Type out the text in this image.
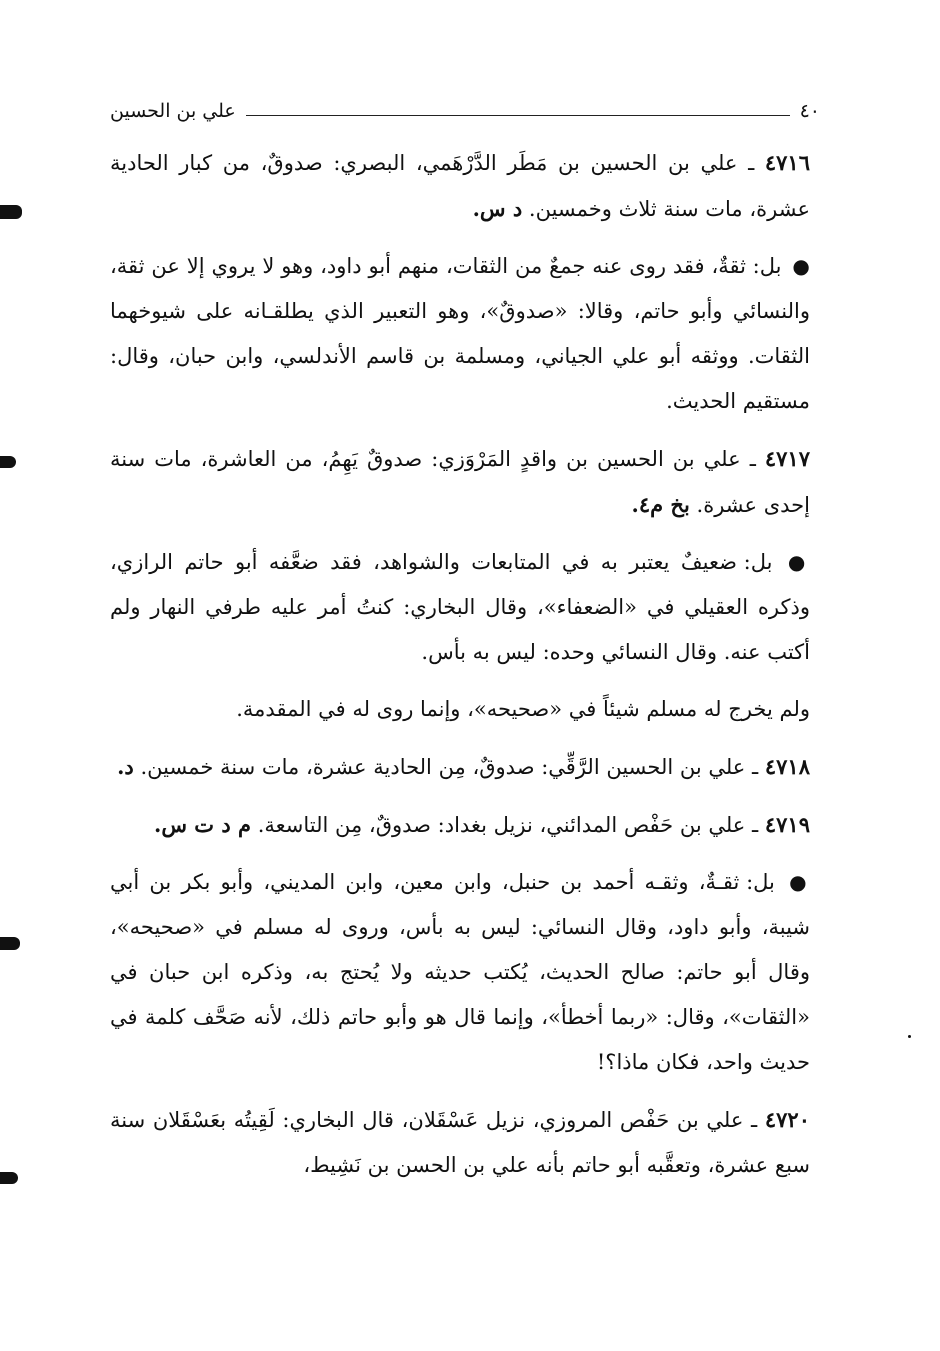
٤٠
علي بن الحسين

٤٧١٦ ـ علي بن الحسين بن مَطَر الدَّرْهَمي، البصري: صدوقٌ، من كبار الحادية عشرة، مات سنة ثلاث وخمسين. د س.

● بل: ثقةٌ، فقد روى عنه جمعٌ من الثقات، منهم أبو داود، وهو لا يروي إلا عن ثقة، والنسائي وأبو حاتم، وقالا: «صدوقٌ»، وهو التعبير الذي يطلقـانه على شيوخهما الثقات. ووثقه أبو علي الجياني، ومسلمة بن قاسم الأندلسي، وابن حبان، وقال: مستقيم الحديث.

٤٧١٧ ـ علي بن الحسين بن واقدٍ المَرْوَزي: صدوقٌ يَهِمُ، من العاشرة، مات سنة إحدى عشرة. بخ م٤.

● بل: ضعيفٌ يعتبر به في المتابعات والشواهد، فقد ضعَّفه أبو حاتم الرازي، وذكره العقيلي في «الضعفاء»، وقال البخاري: كنتُ أمر عليه طرفي النهار ولم أكتب عنه. وقال النسائي وحده: ليس به بأس.

ولم يخرج له مسلم شيئاً في «صحيحه»، وإنما روى له في المقدمة.

٤٧١٨ ـ علي بن الحسين الرَّقِّي: صدوقٌ، مِن الحادية عشرة، مات سنة خمسين. د.

٤٧١٩ ـ علي بن حَفْص المدائني، نزيل بغداد: صدوقٌ، مِن التاسعة. م د ت س.

● بل: ثقـةٌ، وثقـه أحمد بن حنبل، وابن معين، وابن المديني، وأبو بكر بن أبي شيبة، وأبو داود، وقال النسائي: ليس به بأس، وروى له مسلم في «صحيحه»، وقال أبو حاتم: صالح الحديث، يُكتب حديثه ولا يُحتج به، وذكره ابن حبان في «الثقات»، وقال: «ربما أخطأ»، وإنما قال هو وأبو حاتم ذلك، لأنه صَحَّف كلمة في حديث واحد، فكان ماذا؟!

٤٧٢٠ ـ علي بن حَفْص المروزي، نزيل عَسْقَلان، قال البخاري: لَقِيتُه بعَسْقَلان سنة سبع عشرة، وتعقَّبه أبو حاتم بأنه علي بن الحسن بن نَشِيط،
